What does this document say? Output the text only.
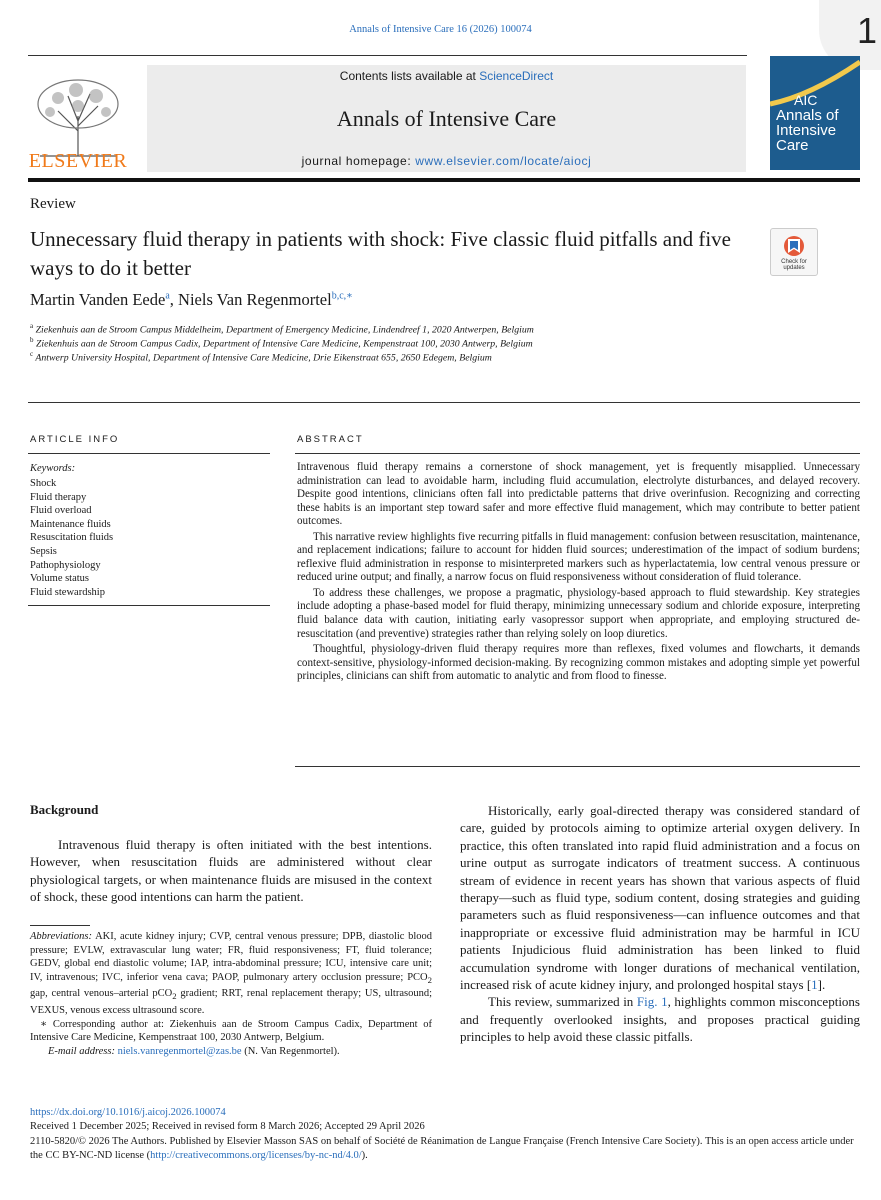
Annals of Intensive Care 16 (2026) 100074	1
ELSEVIER
Contents lists available at ScienceDirect
Annals of Intensive Care
journal homepage: www.elsevier.com/locate/aiocj
AIC
Annals of
Intensive
Care
Review
Unnecessary fluid therapy in patients with shock: Five classic fluid pitfalls and five ways to do it better	Check for updates
Martin Vanden Eede$^a$, Niels Van Regenmortel$^{b,c,∗}$
$^a$ Ziekenhuis aan de Stroom Campus Middelheim, Department of Emergency Medicine, Lindendreef 1, 2020 Antwerpen, Belgium
$^b$ Ziekenhuis aan de Stroom Campus Cadix, Department of Intensive Care Medicine, Kempenstraat 100, 2030 Antwerp, Belgium
$^c$ Antwerp University Hospital, Department of Intensive Care Medicine, Drie Eikenstraat 655, 2650 Edegem, Belgium
ARTICLE INFO	ABSTRACT
Keywords:
Shock
Fluid therapy
Fluid overload
Maintenance fluids
Resuscitation fluids
Sepsis
Pathophysiology
Volume status
Fluid stewardship

Intravenous fluid therapy remains a cornerstone of shock management, yet is frequently misapplied. Unnecessary administration can lead to avoidable harm, including fluid accumulation, electrolyte disturbances, and delayed recovery. Despite good intentions, clinicians often fall into predictable patterns that drive overinfusion. Recognizing and correcting these habits is an important step toward safer and more effective fluid management, which may contribute to better patient outcomes.

This narrative review highlights five recurring pitfalls in fluid management: confusion between resuscitation, maintenance, and replacement indications; failure to account for hidden fluid sources; underestimation of the impact of sodium burdens; reflexive fluid administration in response to misinterpreted markers such as hyperlactatemia, low central venous pressure or reduced urine output; and finally, a narrow focus on fluid responsiveness without consideration of fluid tolerance.

To address these challenges, we propose a pragmatic, physiology-based approach to fluid stewardship. Key strategies include adopting a phase-based model for fluid therapy, minimizing unnecessary sodium and chloride exposure, interpreting fluid balance data with caution, initiating early vasopressor support when appropriate, and employing structured de-resuscitation (and preventive) strategies rather than relying solely on loop diuretics.

Thoughtful, physiology-driven fluid therapy requires more than reflexes, fixed volumes and flowcharts, it demands context-sensitive, physiology-informed decision-making. By recognizing common mistakes and adopting simple yet powerful principles, clinicians can shift from automatic to analytic and from flood to finesse.

Background

Intravenous fluid therapy is often initiated with the best intentions. However, when resuscitation fluids are administered without clear physiological targets, or when maintenance fluids are misused in the context of shock, these good intentions can harm the patient.

Abbreviations: AKI, acute kidney injury; CVP, central venous pressure; DPB, diastolic blood pressure; EVLW, extravascular lung water; FR, fluid responsiveness; FT, fluid tolerance; GEDV, global end diastolic volume; IAP, intra-abdominal pressure; ICU, intensive care unit; IV, intravenous; IVC, inferior vena cava; PAOP, pulmonary artery occlusion pressure; $PCO_2$ gap, central venous–arterial pCO$_2$ gradient; RRT, renal replacement therapy; US, ultrasound; VEXUS, venous excess ultrasound score.

∗ Corresponding author at: Ziekenhuis aan de Stroom Campus Cadix, Department of Intensive Care Medicine, Kempenstraat 100, 2030 Antwerp, Belgium.

E-mail address: niels.vanregenmortel@zas.be (N. Van Regenmortel).

Historically, early goal-directed therapy was considered standard of care, guided by protocols aiming to optimize arterial oxygen delivery. In practice, this often translated into rapid fluid administration and a focus on urine output as surrogate indicators of treatment success. A continuous stream of evidence in recent years has shown that various aspects of fluid therapy—such as fluid type, sodium content, dosing strategies and guiding parameters such as fluid responsiveness—can influence outcomes and that inappropriate or excessive fluid administration may be harmful in ICU patients Injudicious fluid administration has been linked to fluid accumulation syndrome with longer durations of mechanical ventilation, increased risk of acute kidney injury, and prolonged hospital stays [1].

This review, summarized in Fig. 1, highlights common misconceptions and frequently overlooked insights, and proposes practical guiding principles to help avoid these classic pitfalls.

https://dx.doi.org/10.1016/j.aicoj.2026.100074

Received 1 December 2025; Received in revised form 8 March 2026; Accepted 29 April 2026

2110-5820/© 2026 The Authors. Published by Elsevier Masson SAS on behalf of Société de Réanimation de Langue Française (French Intensive Care Society). This is an open access article under the CC BY-NC-ND license (http://creativecommons.org/licenses/by-nc-nd/4.0/).
